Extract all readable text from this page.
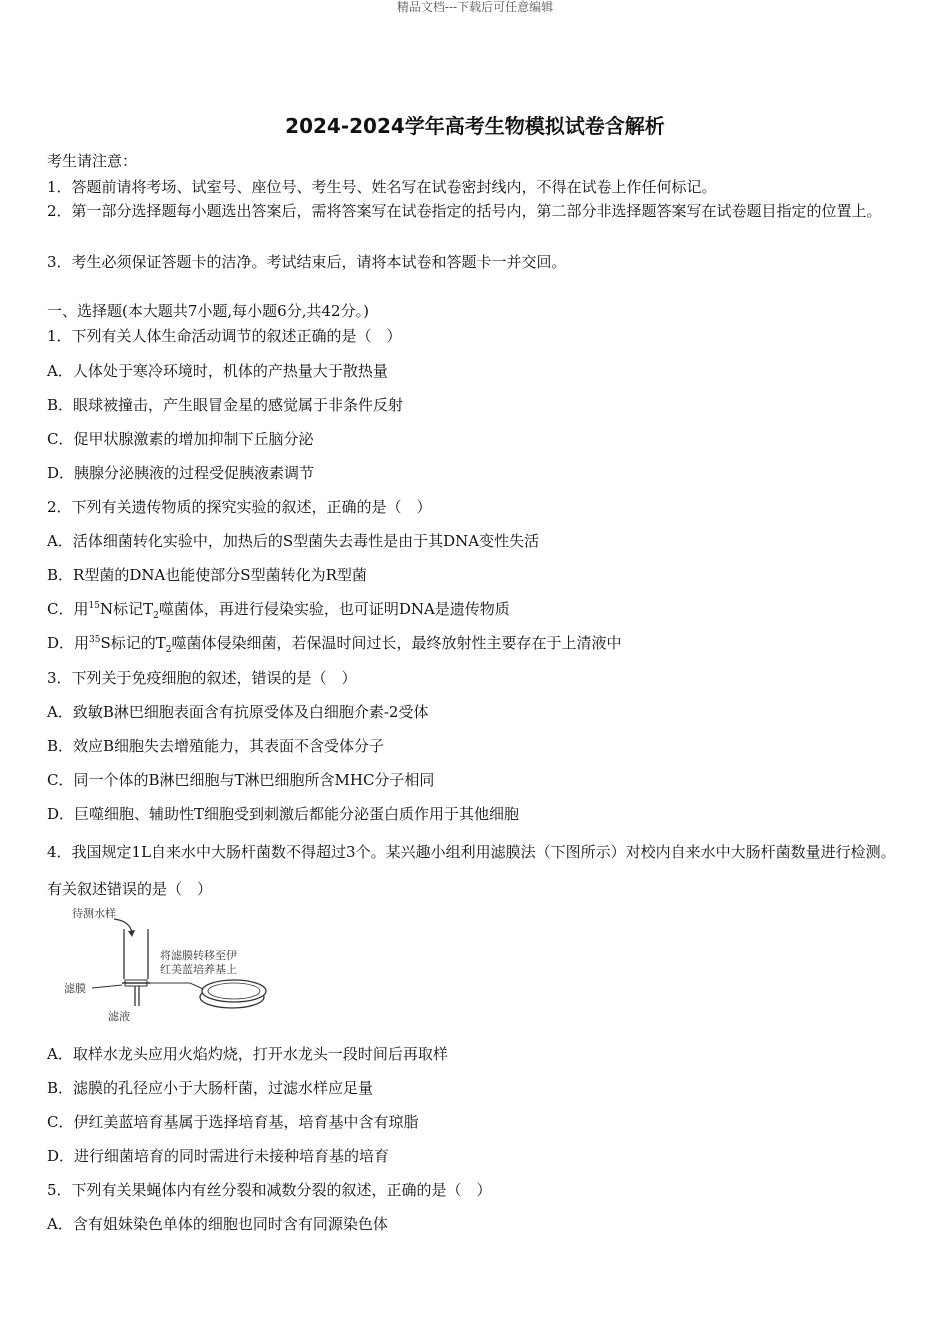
精品文档---下载后可任意编辑
2024-2024学年高考生物模拟试卷含解析
考生请注意：
1．答题前请将考场、试室号、座位号、考生号、姓名写在试卷密封线内，不得在试卷上作任何标记。
2．第一部分选择题每小题选出答案后，需将答案写在试卷指定的括号内，第二部分非选择题答案写在试卷题目指定的位置上。
3．考生必须保证答题卡的洁净。考试结束后，请将本试卷和答题卡一并交回。
一、选择题(本大题共7小题,每小题6分,共42分。)
1．下列有关人体生命活动调节的叙述正确的是（　）
A．人体处于寒冷环境时，机体的产热量大于散热量
B．眼球被撞击，产生眼冒金星的感觉属于非条件反射
C．促甲状腺激素的增加抑制下丘脑分泌
D．胰腺分泌胰液的过程受促胰液素调节
2．下列有关遗传物质的探究实验的叙述，正确的是（　）
A．活体细菌转化实验中，加热后的S型菌失去毒性是由于其DNA变性失活
B．R型菌的DNA也能使部分S型菌转化为R型菌
C．用$^{15}$N标记$T_2$噬菌体，再进行侵染实验，也可证明DNA是遗传物质
D．用$^{35}$S标记的$T_2$噬菌体侵染细菌，若保温时间过长，最终放射性主要存在于上清液中
3．下列关于免疫细胞的叙述，错误的是（　）
A．致敏B淋巴细胞表面含有抗原受体及白细胞介素-2受体
B．效应B细胞失去增殖能力，其表面不含受体分子
C．同一个体的B淋巴细胞与T淋巴细胞所含MHC分子相同
D．巨噬细胞、辅助性T细胞受到刺激后都能分泌蛋白质作用于其他细胞
4．我国规定1L自来水中大肠杆菌数不得超过3个。某兴趣小组利用滤膜法（下图所示）对校内自来水中大肠杆菌数量进行检测。有关叙述错误的是（　）
待测水样
滤膜
滤液
将滤膜转移至伊
红美蓝培养基上
A．取样水龙头应用火焰灼烧，打开水龙头一段时间后再取样
B．滤膜的孔径应小于大肠杆菌，过滤水样应足量
C．伊红美蓝培育基属于选择培育基，培育基中含有琼脂
D．进行细菌培育的同时需进行未接种培育基的培育
5．下列有关果蝇体内有丝分裂和减数分裂的叙述，正确的是（　）
A．含有姐妹染色单体的细胞也同时含有同源染色体
